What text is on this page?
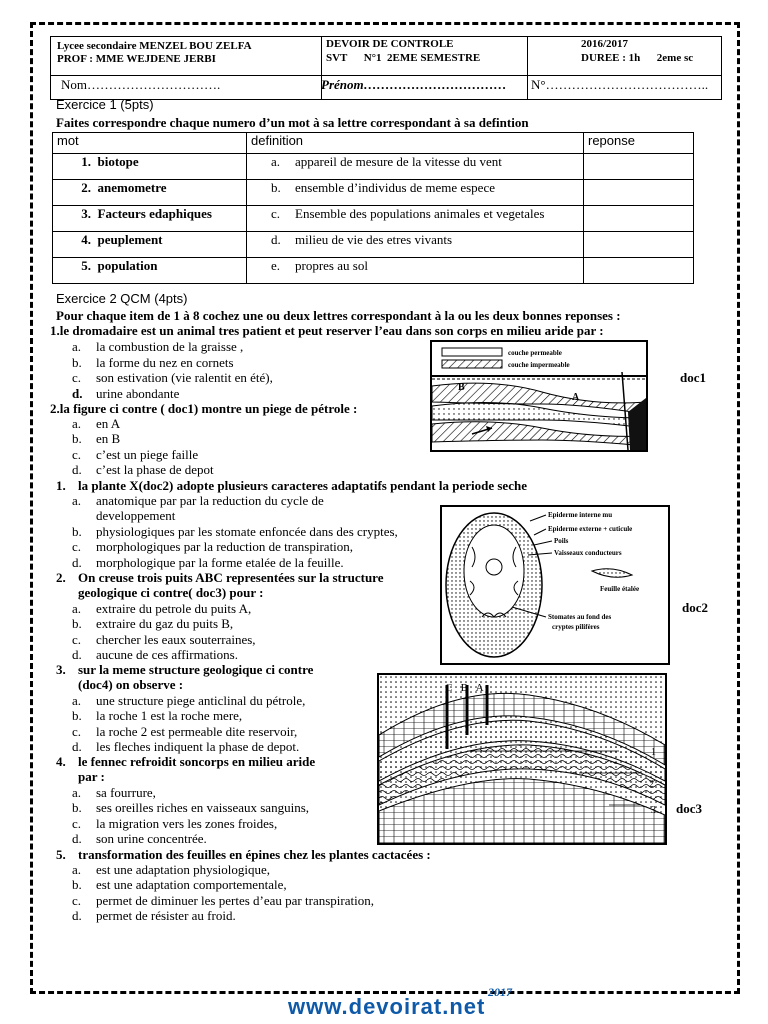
Lycee secondaire MENZEL BOU ZELFA
PROF : MME WEJDENE JERBI
DEVOIR DE CONTROLE
SVT      N°1  2EME SEMESTRE
2016/2017
DUREE : 1h      2eme sc
Nom………………………….	Prénom…………………………… N°………………………………..
Exercice 1 (5pts)
Faites correspondre chaque numero d’un mot à sa lettre correspondant à sa defintion
mot	definition	reponse
1. biotope	a. appareil de mesure de la vitesse du vent	
2. anemometre	b. ensemble d’individus de meme espece	
3. Facteurs edaphiques	c. Ensemble des populations animales et vegetales	
4. peuplement	d. milieu de vie des etres vivants	
5. population	e. propres au sol	
Exercice 2 QCM (4pts)
Pour chaque item de 1 à 8 cochez une ou deux lettres correspondant à la ou les deux bonnes reponses :
1.le dromadaire est un animal tres patient et peut reserver l’eau dans son corps en milieu aride par :
a. la combustion de la graisse ,
b. la forme du nez en cornets
c. son estivation (vie ralentit en été),
d. urine abondante
2.la figure ci contre ( doc1) montre un piege de pétrole :
a. en A
b. en B
c. c’est un piege faille
d. c’est la phase de depot
1. la plante X(doc2) adopte plusieurs caracteres adaptatifs pendant la periode seche
a. anatomique par par la reduction du cycle de
developpement
b. physiologiques par les stomate enfoncée dans des cryptes,
c. morphologiques par la reduction de transpiration,
d. morphologique par la forme etalée de la feuille.
2. On creuse trois puits ABC representées sur la structure
geologique ci contre( doc3) pour :
a. extraire du petrole du puits A,
b. extraire du gaz du puits B,
c. chercher les eaux souterraines,
d. aucune de ces affirmations.
3. sur la meme structure geologique ci contre
(doc4) on observe :
a. une structure piege anticlinal du pétrole,
b. la roche 1 est la roche mere,
c. la roche 2 est permeable dite reservoir,
d. les fleches indiquent la phase de depot.
4. le fennec refroidit soncorps en milieu aride
par :
a. sa fourrure,
b. ses oreilles riches en vaisseaux sanguins,
c. la migration vers les zones froides,
d. son urine concentrée.
5. transformation des feuilles en épines chez les plantes cactacées :
a. est une adaptation physiologique,
b. est une adaptation comportementale,
c. permet de diminuer les pertes d’eau par transpiration,
d. permet de résister au froid.
couche permeable
couche impermeable
B
A
doc1
Epiderme interne mu
Epiderme externe + cuticule
Poils
Vaisseaux conducteurs
Feuille étalée
Stomates au fond des
cryptes pilifères
doc2
C   B   A
1
2
3 doc3
www.devoirat.net
2017
